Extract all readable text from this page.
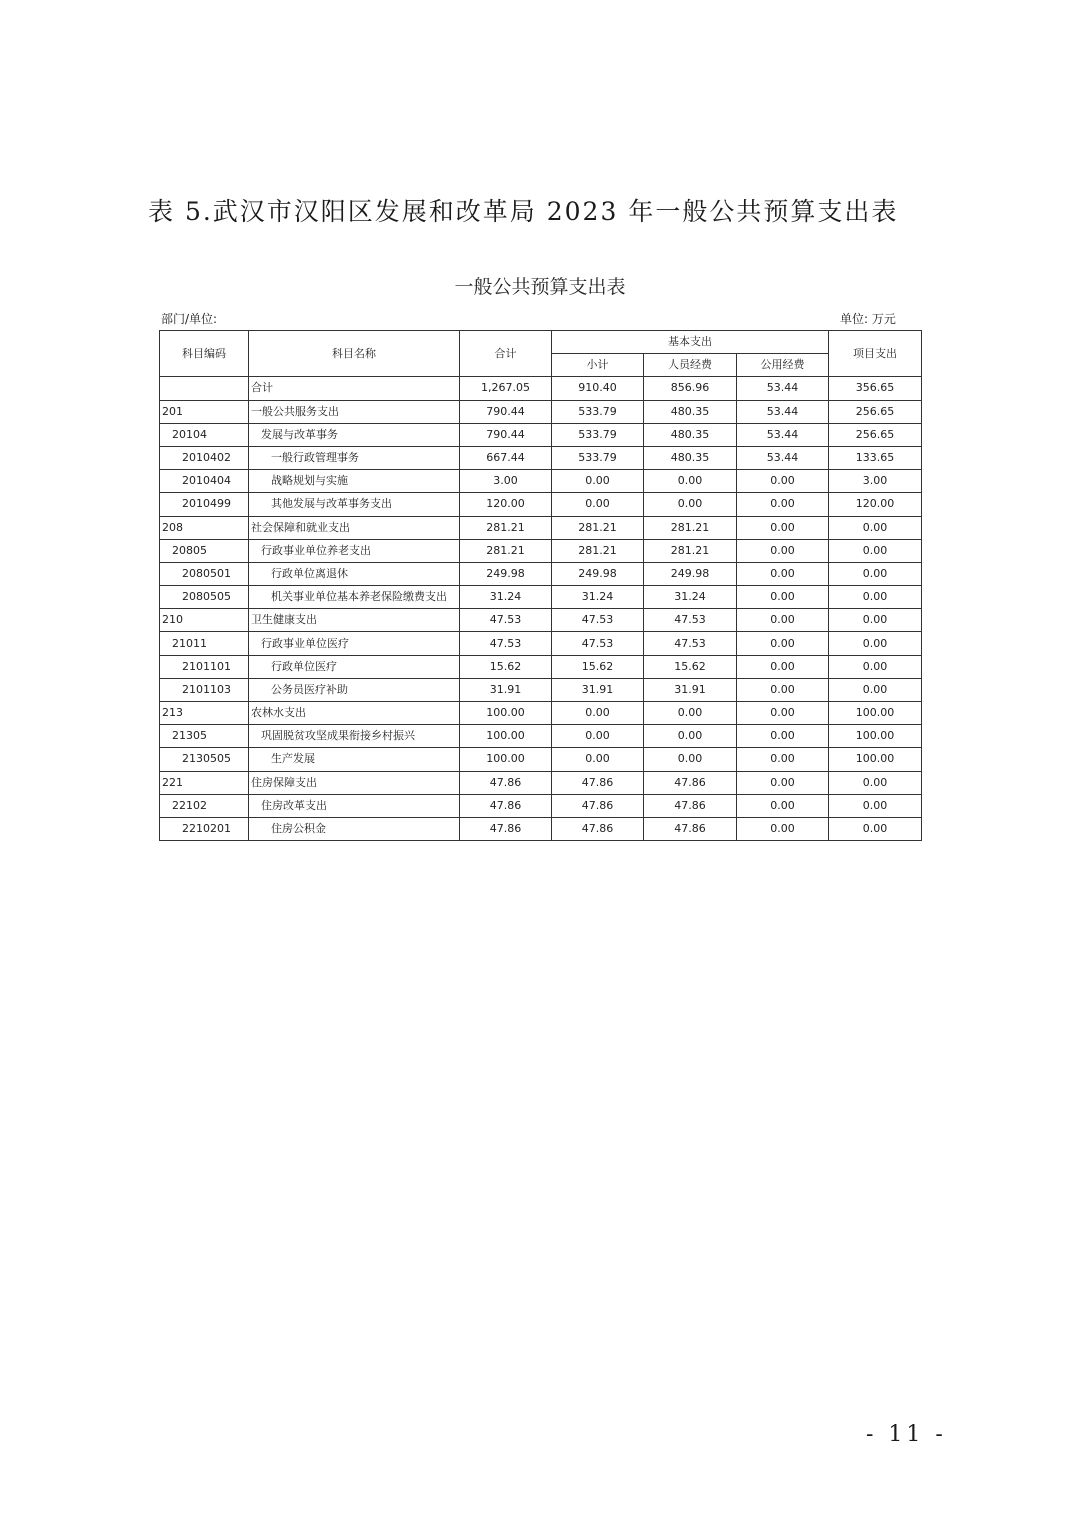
表 5.武汉市汉阳区发展和改革局 2023 年一般公共预算支出表
一般公共预算支出表
部门/单位:	单位: 万元
科目编码	科目名称	合计	基本支出			项目支出
			小计	人员经费	公用经费	
	合计	1,267.05	910.40	856.96	53.44	356.65
201	一般公共服务支出	790.44	533.79	480.35	53.44	256.65
20104	发展与改革事务	790.44	533.79	480.35	53.44	256.65
2010402	一般行政管理事务	667.44	533.79	480.35	53.44	133.65
2010404	战略规划与实施	3.00	0.00	0.00	0.00	3.00
2010499	其他发展与改革事务支出	120.00	0.00	0.00	0.00	120.00
208	社会保障和就业支出	281.21	281.21	281.21	0.00	0.00
20805	行政事业单位养老支出	281.21	281.21	281.21	0.00	0.00
2080501	行政单位离退休	249.98	249.98	249.98	0.00	0.00
2080505	机关事业单位基本养老保险缴费支出	31.24	31.24	31.24	0.00	0.00
210	卫生健康支出	47.53	47.53	47.53	0.00	0.00
21011	行政事业单位医疗	47.53	47.53	47.53	0.00	0.00
2101101	行政单位医疗	15.62	15.62	15.62	0.00	0.00
2101103	公务员医疗补助	31.91	31.91	31.91	0.00	0.00
213	农林水支出	100.00	0.00	0.00	0.00	100.00
21305	巩固脱贫攻坚成果衔接乡村振兴	100.00	0.00	0.00	0.00	100.00
2130505	生产发展	100.00	0.00	0.00	0.00	100.00
221	住房保障支出	47.86	47.86	47.86	0.00	0.00
22102	住房改革支出	47.86	47.86	47.86	0.00	0.00
2210201	住房公积金	47.86	47.86	47.86	0.00	0.00
- 11 -
